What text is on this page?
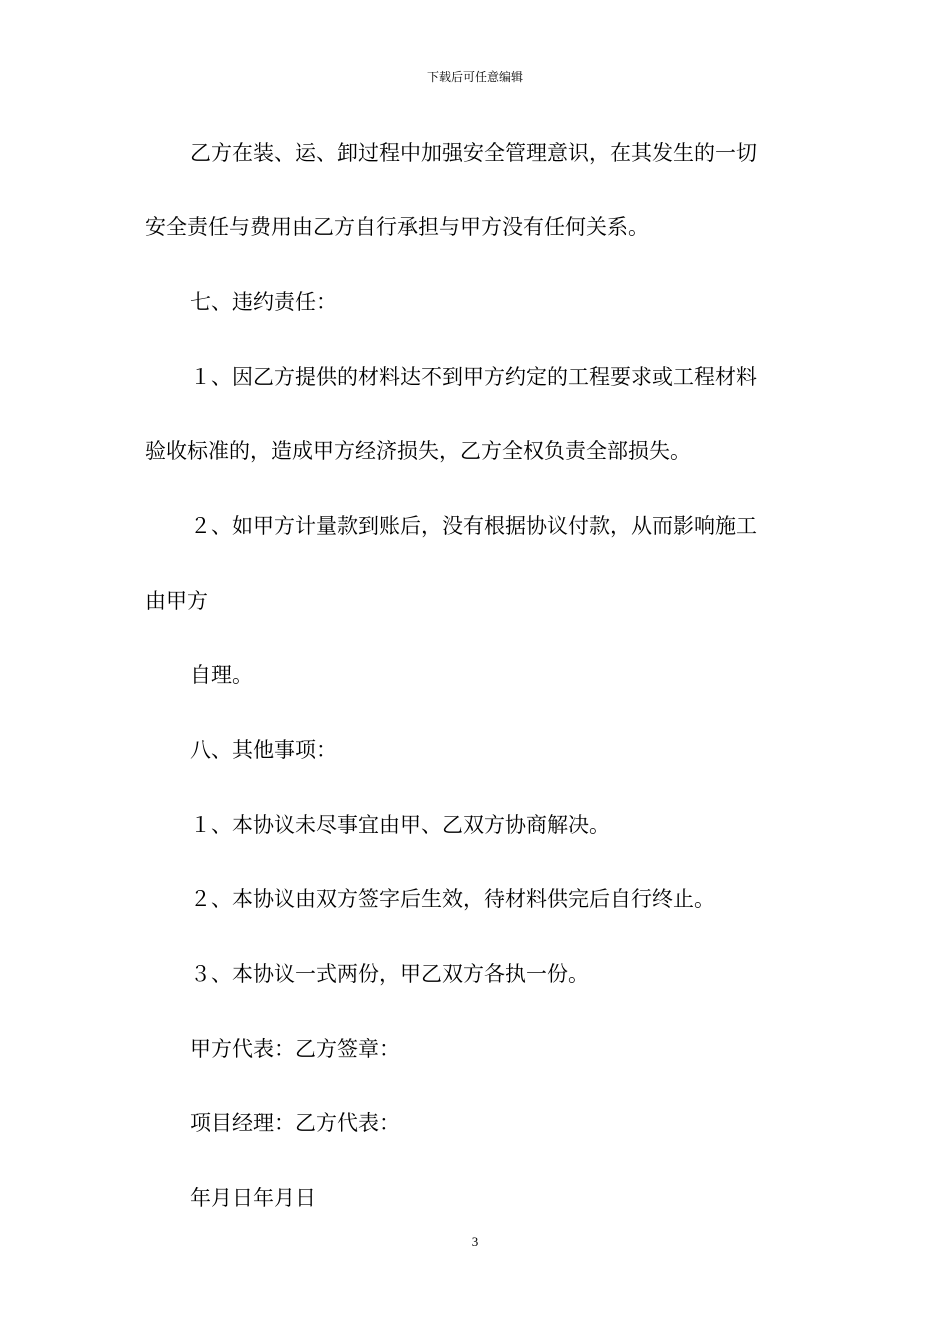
下载后可任意编辑
乙方在装、运、卸过程中加强安全管理意识，在其发生的一切
安全责任与费用由乙方自行承担与甲方没有任何关系。
七、违约责任：
１、因乙方提供的材料达不到甲方约定的工程要求或工程材料
验收标准的，造成甲方经济损失，乙方全权负责全部损失。
２、如甲方计量款到账后，没有根据协议付款，从而影响施工
由甲方
自理。
八、其他事项：
１、本协议未尽事宜由甲、乙双方协商解决。
２、本协议由双方签字后生效，待材料供完后自行终止。
３、本协议一式两份，甲乙双方各执一份。
甲方代表：乙方签章：
项目经理：乙方代表：
年月日年月日
3
